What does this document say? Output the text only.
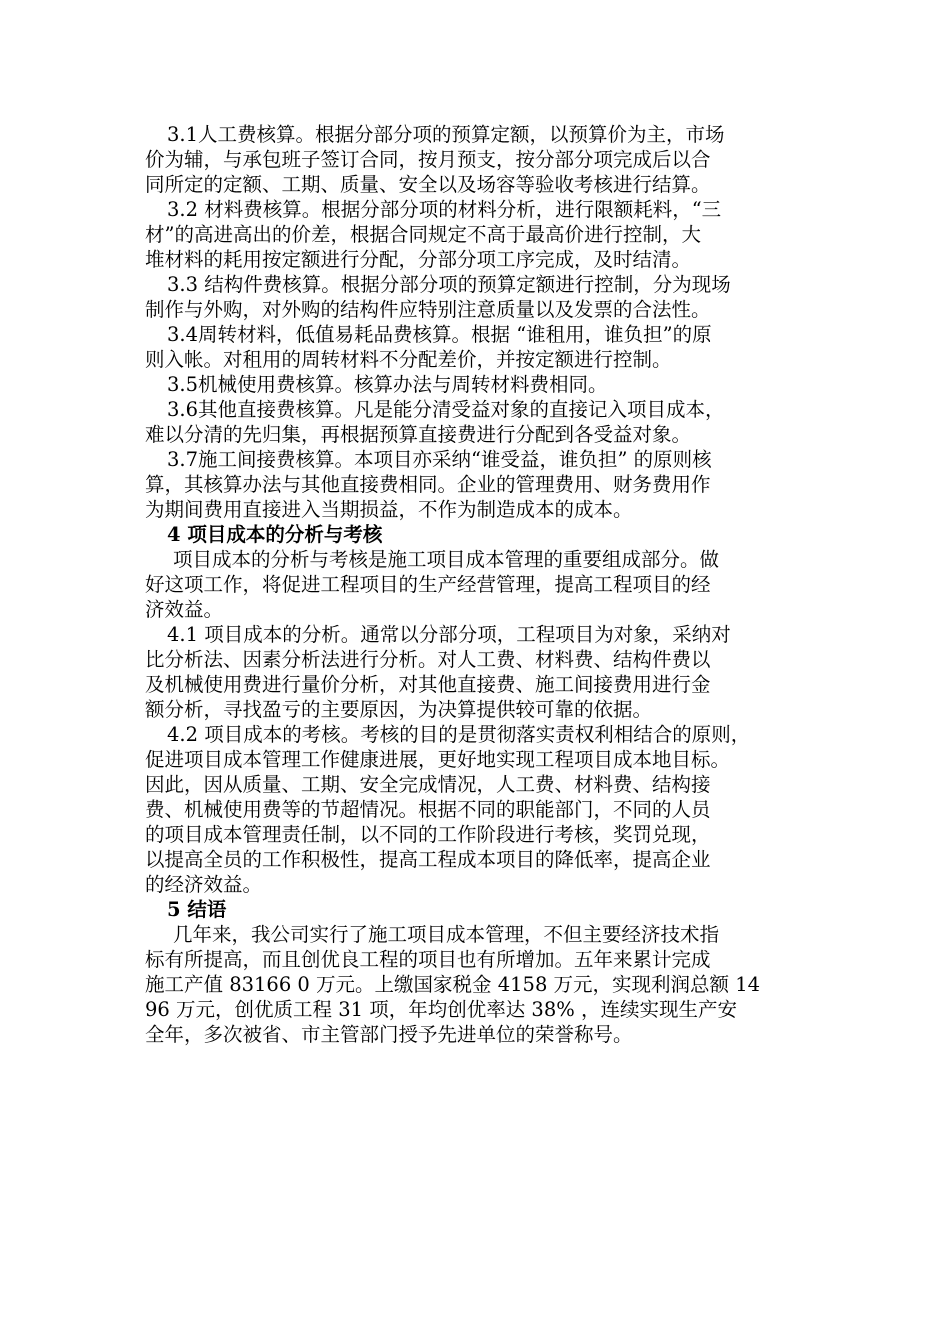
3.1人工费核算。根据分部分项的预算定额，以预算价为主，市场
价为辅，与承包班子签订合同，按月预支，按分部分项完成后以合
同所定的定额、工期、质量、安全以及场容等验收考核进行结算。
3.2 材料费核算。根据分部分项的材料分析，进行限额耗料，“三
材”的高进高出的价差，根据合同规定不高于最高价进行控制，大
堆材料的耗用按定额进行分配，分部分项工序完成，及时结清。
3.3 结构件费核算。根据分部分项的预算定额进行控制，分为现场
制作与外购，对外购的结构件应特别注意质量以及发票的合法性。
3.4周转材料，低值易耗品费核算。根据 “谁租用，谁负担”的原
则入帐。对租用的周转材料不分配差价，并按定额进行控制。
3.5机械使用费核算。核算办法与周转材料费相同。
3.6其他直接费核算。凡是能分清受益对象的直接记入项目成本，
难以分清的先归集，再根据预算直接费进行分配到各受益对象。
3.7施工间接费核算。本项目亦采纳“谁受益，谁负担” 的原则核
算，其核算办法与其他直接费相同。企业的管理费用、财务费用作
为期间费用直接进入当期损益，不作为制造成本的成本。
4 项目成本的分析与考核
项目成本的分析与考核是施工项目成本管理的重要组成部分。做
好这项工作，将促进工程项目的生产经营管理，提高工程项目的经
济效益。
4.1 项目成本的分析。通常以分部分项，工程项目为对象，采纳对
比分析法、因素分析法进行分析。对人工费、材料费、结构件费以
及机械使用费进行量价分析，对其他直接费、施工间接费用进行金
额分析，寻找盈亏的主要原因，为决算提供较可靠的依据。
4.2 项目成本的考核。考核的目的是贯彻落实责权利相结合的原则，
促进项目成本管理工作健康进展，更好地实现工程项目成本地目标。
因此，因从质量、工期、安全完成情况，人工费、材料费、结构接
费、机械使用费等的节超情况。根据不同的职能部门，不同的人员
的项目成本管理责任制，以不同的工作阶段进行考核，奖罚兑现，
以提高全员的工作积极性，提高工程成本项目的降低率，提高企业
的经济效益。
5 结语
几年来，我公司实行了施工项目成本管理，不但主要经济技术指
标有所提高，而且创优良工程的项目也有所增加。五年来累计完成
施工产值 83166 0 万元。上缴国家税金 4158 万元，实现利润总额 14
96 万元，创优质工程 31 项，年均创优率达 38% ，连续实现生产安
全年，多次被省、市主管部门授予先进单位的荣誉称号。
